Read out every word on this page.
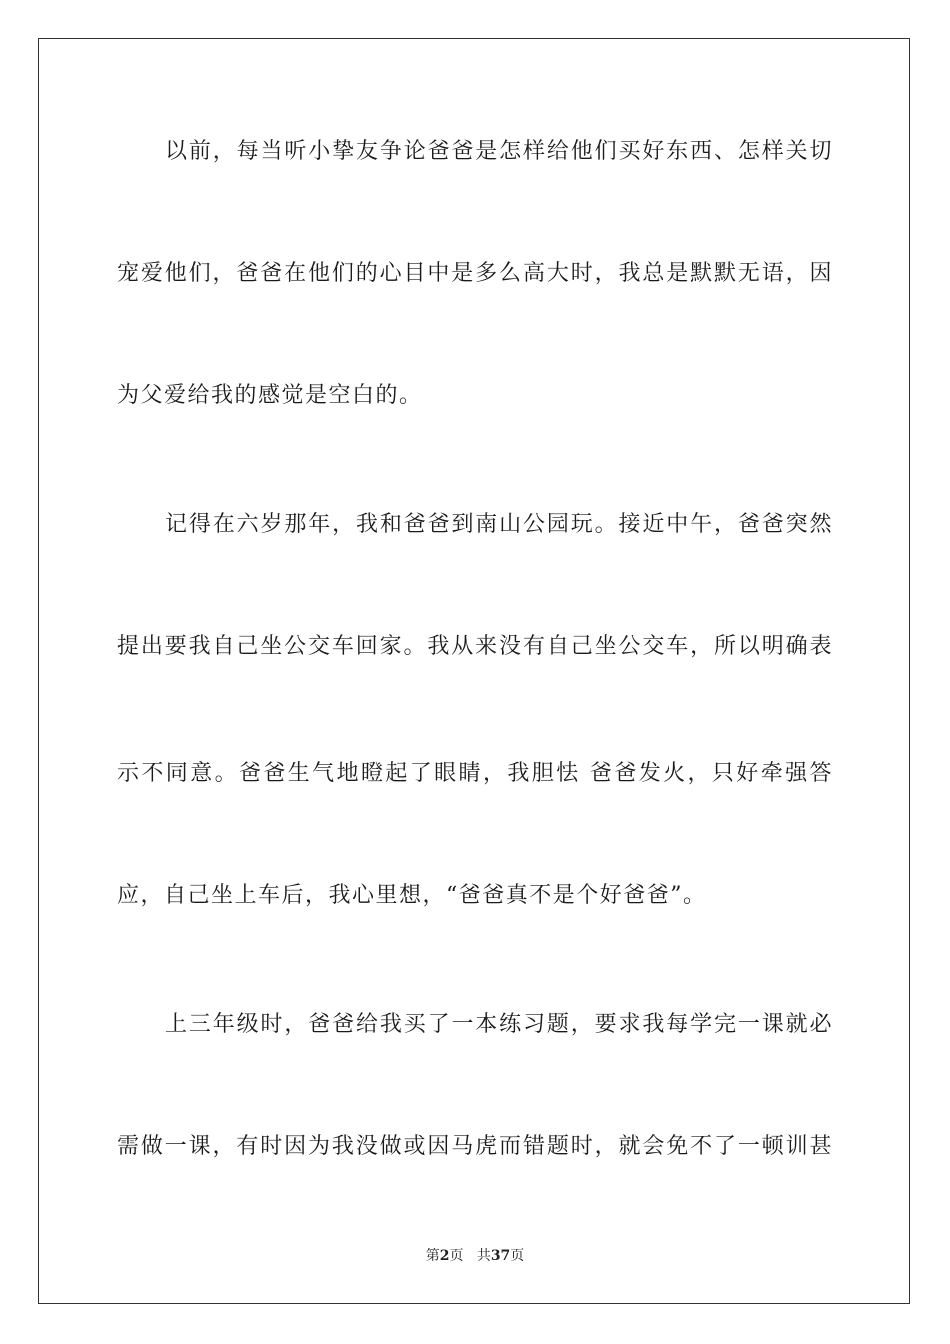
以前，每当听小挚友争论爸爸是怎样给他们买好东西、怎样关切
宠爱他们，爸爸在他们的心目中是多么高大时，我总是默默无语，因
为父爱给我的感觉是空白的。
记得在六岁那年，我和爸爸到南山公园玩。接近中午，爸爸突然
提出要我自己坐公交车回家。我从来没有自己坐公交车，所以明确表
示不同意。爸爸生气地瞪起了眼睛，我胆怯 爸爸发火，只好牵强答
应，自己坐上车后，我心里想，“爸爸真不是个好爸爸”。
上三年级时，爸爸给我买了一本练习题，要求我每学完一课就必
需做一课，有时因为我没做或因马虎而错题时，就会免不了一顿训甚
第2页 共37页
